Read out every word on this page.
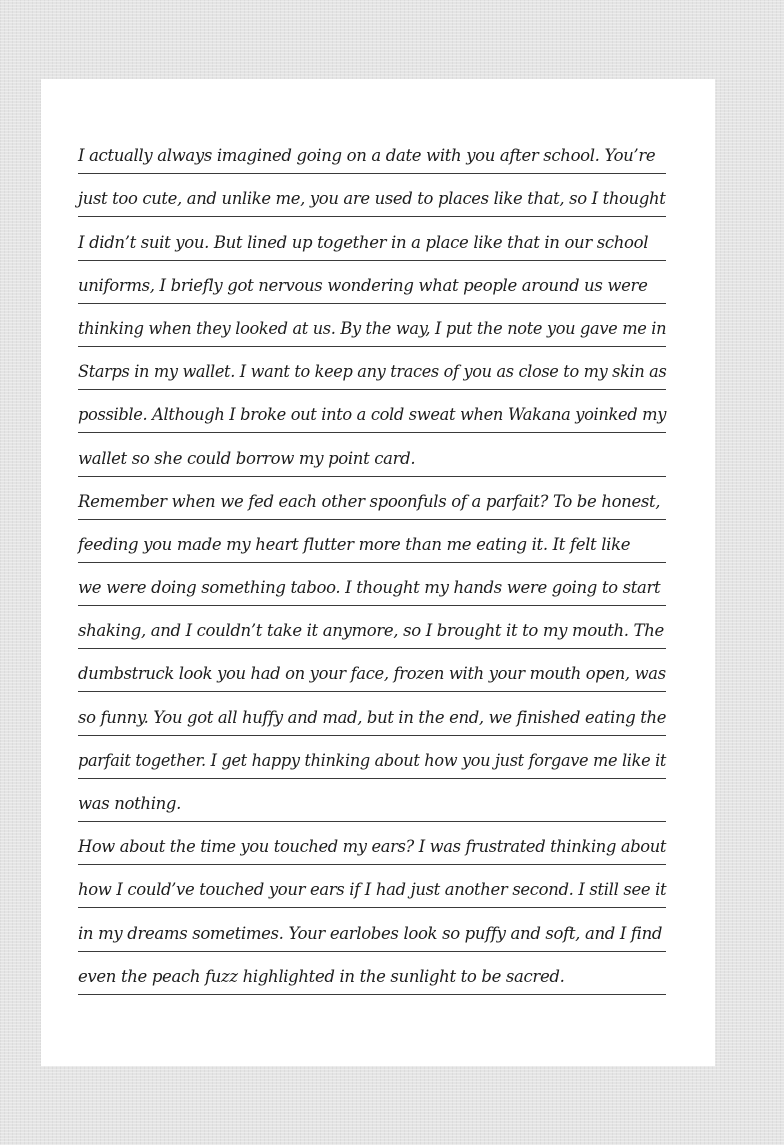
I actually always imagined going on a date with you after school. You’re
just too cute, and unlike me, you are used to places like that, so I thought
I didn’t suit you. But lined up together in a place like that in our school
uniforms, I briefly got nervous wondering what people around us were
thinking when they looked at us. By the way, I put the note you gave me in
Starps in my wallet. I want to keep any traces of you as close to my skin as
possible. Although I broke out into a cold sweat when Wakana yoinked my
wallet so she could borrow my point card.
Remember when we fed each other spoonfuls of a parfait? To be honest,
feeding you made my heart flutter more than me eating it. It felt like
we were doing something taboo. I thought my hands were going to start
shaking, and I couldn’t take it anymore, so I brought it to my mouth. The
dumbstruck look you had on your face, frozen with your mouth open, was
so funny. You got all huffy and mad, but in the end, we finished eating the
parfait together. I get happy thinking about how you just forgave me like it
was nothing.
How about the time you touched my ears? I was frustrated thinking about
how I could’ve touched your ears if I had just another second. I still see it
in my dreams sometimes. Your earlobes look so puffy and soft, and I find
even the peach fuzz highlighted in the sunlight to be sacred.
